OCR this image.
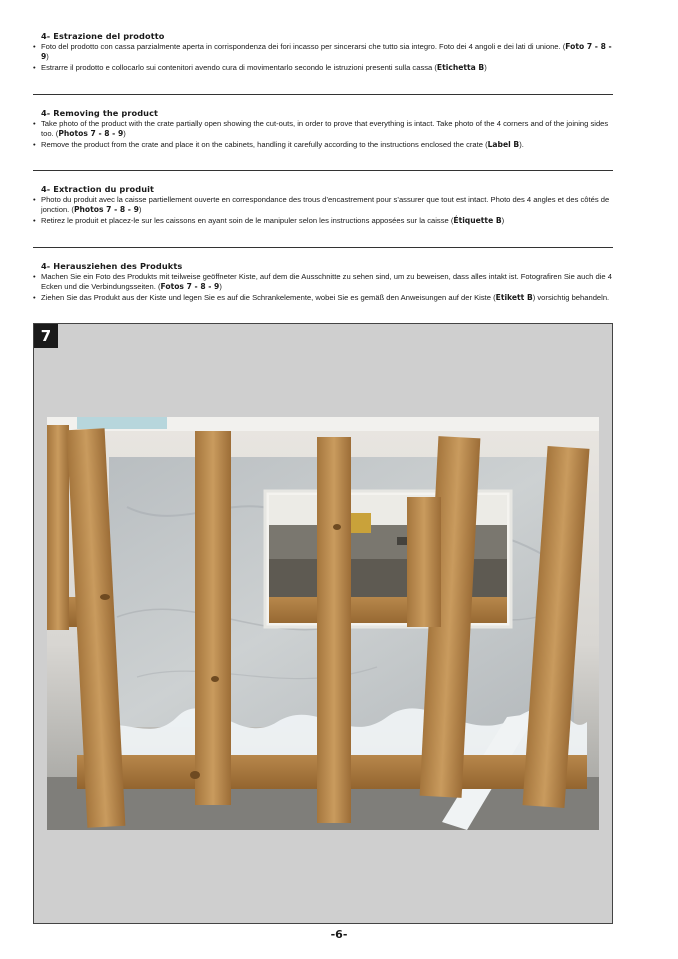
4- Estrazione del prodotto
• Foto del prodotto con cassa parzialmente aperta in corrispondenza dei fori incasso per sincerarsi che tutto sia integro. Foto dei 4 angoli e dei lati di unione. (Foto 7 - 8 - 9)
• Estrarre il prodotto e collocarlo sui contenitori avendo cura di movimentarlo secondo le istruzioni presenti sulla cassa (Etichetta B)
4- Removing the product
• Take photo of the product with the crate partially open showing the cut-outs, in order to prove that everything is intact. Take photo of the 4 corners and of the joining sides too. (Photos 7 - 8 - 9)
• Remove the product from the crate and place it on the cabinets, handling it carefully according to the instructions enclosed the crate (Label B).
4- Extraction du produit
• Photo du produit avec la caisse partiellement ouverte en correspondance des trous d’encastrement pour s’assurer que tout est intact. Photo des 4 angles et des côtés de jonction. (Photos 7 - 8 - 9)
• Retirez le produit et placez-le sur les caissons en ayant soin de le manipuler selon les instructions apposées sur la caisse (Étiquette B)
4- Herausziehen des Produkts
• Machen Sie ein Foto des Produkts mit teilweise geöffneter Kiste, auf dem die Ausschnitte zu sehen sind, um zu beweisen, dass alles intakt ist. Fotografiren Sie auch die 4 Ecken und die Verbindungsseiten. (Fotos 7 - 8 - 9)
• Ziehen Sie das Produkt aus der Kiste und legen Sie es auf die Schrankelemente, wobei Sie es gemäß den Anweisungen auf der Kiste (Etikett B) vorsichtig behandeln.
7
-6-
